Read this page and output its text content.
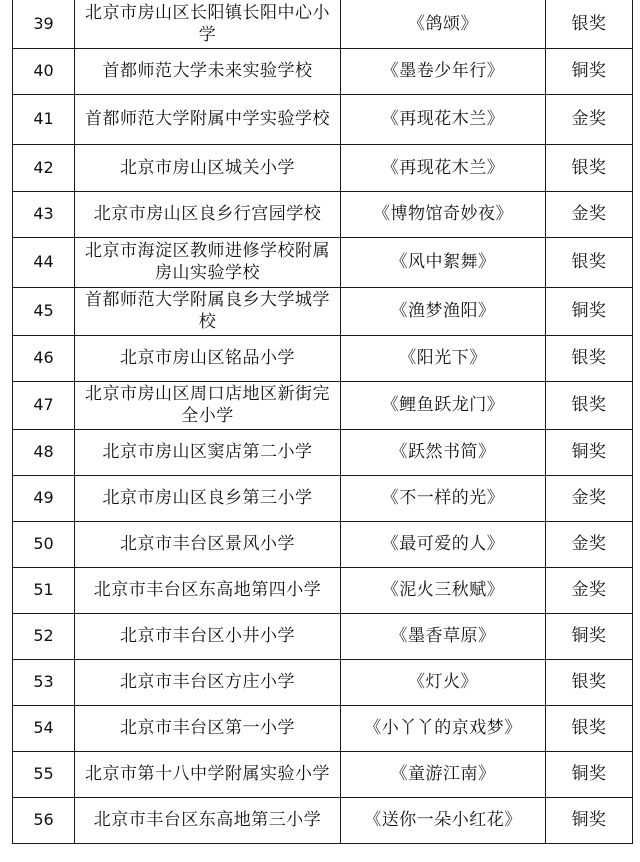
39	北京市房山区长阳镇长阳中心小学	《鸽颂》	银奖
40	首都师范大学未来实验学校	《墨卷少年行》	铜奖
41	首都师范大学附属中学实验学校	《再现花木兰》	金奖
42	北京市房山区城关小学	《再现花木兰》	银奖
43	北京市房山区良乡行宫园学校	《博物馆奇妙夜》	金奖
44	北京市海淀区教师进修学校附属房山实验学校	《风中絮舞》	银奖
45	首都师范大学附属良乡大学城学校	《渔梦渔阳》	铜奖
46	北京市房山区铭品小学	《阳光下》	银奖
47	北京市房山区周口店地区新街完全小学	《鲤鱼跃龙门》	银奖
48	北京市房山区窦店第二小学	《跃然书简》	铜奖
49	北京市房山区良乡第三小学	《不一样的光》	金奖
50	北京市丰台区景风小学	《最可爱的人》	金奖
51	北京市丰台区东高地第四小学	《泥火三秋赋》	金奖
52	北京市丰台区小井小学	《墨香草原》	铜奖
53	北京市丰台区方庄小学	《灯火》	银奖
54	北京市丰台区第一小学	《小丫丫的京戏梦》	银奖
55	北京市第十八中学附属实验小学	《童游江南》	铜奖
56	北京市丰台区东高地第三小学	《送你一朵小红花》	铜奖
